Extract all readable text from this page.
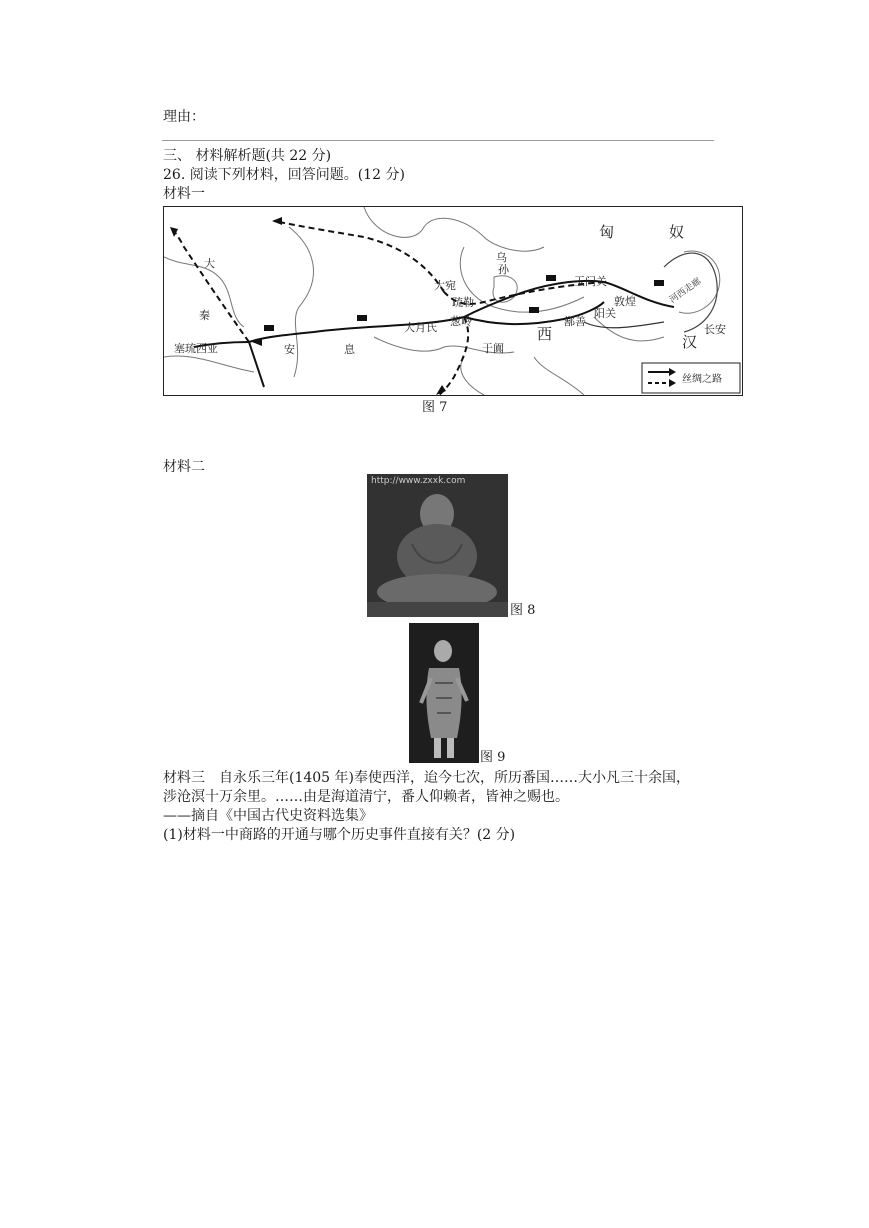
理由：
三、 材料解析题(共 22 分)
26. 阅读下列材料，回答问题。(12 分)
材料一
匈	奴
西	汉
乌
孙
大宛
疏勒
葱岭
大月氏
玉门关
敦煌
阳关
鄯善
于阗
长安
安	息
秦
大
塞琉西亚
河西走廊
丝绸之路
图 7
材料二
http://www.zxxk.com
图 8
图 9
材料三　自永乐三年(1405 年)奉使西洋，迨今七次，所历番国……大小凡三十余国，
涉沧溟十万余里。……由是海道清宁，番人仰赖者，皆神之赐也。
——摘自《中国古代史资料选集》
(1)材料一中商路的开通与哪个历史事件直接有关？(2 分)
